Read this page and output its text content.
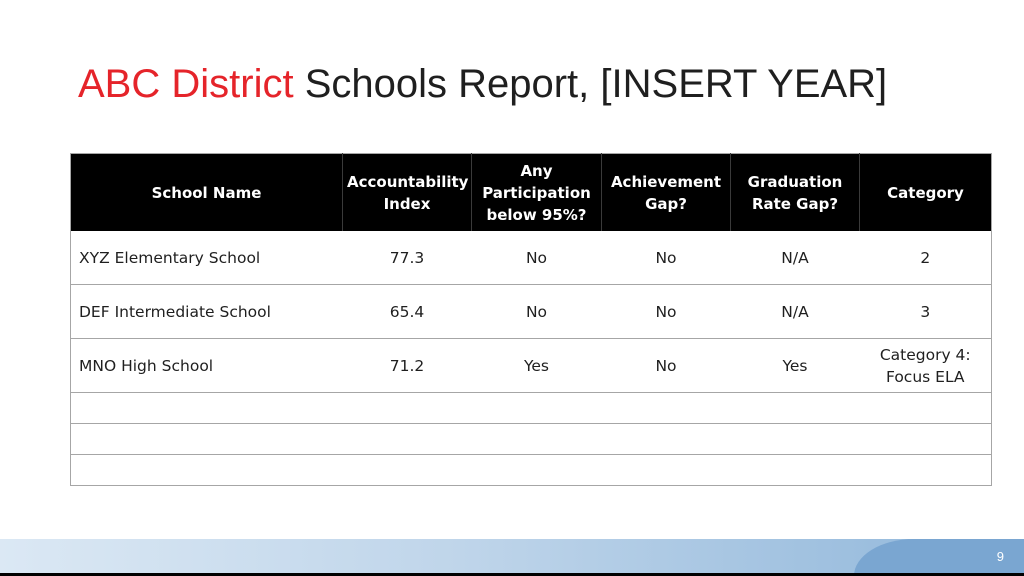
ABC District Schools Report, [INSERT YEAR]
School Name	Accountability Index	Any Participation below 95%?	Achievement Gap?	Graduation Rate Gap?	Category
XYZ Elementary School	77.3	No	No	N/A	2
DEF Intermediate School	65.4	No	No	N/A	3
MNO High School	71.2	Yes	No	Yes	Category 4: Focus ELA

9
